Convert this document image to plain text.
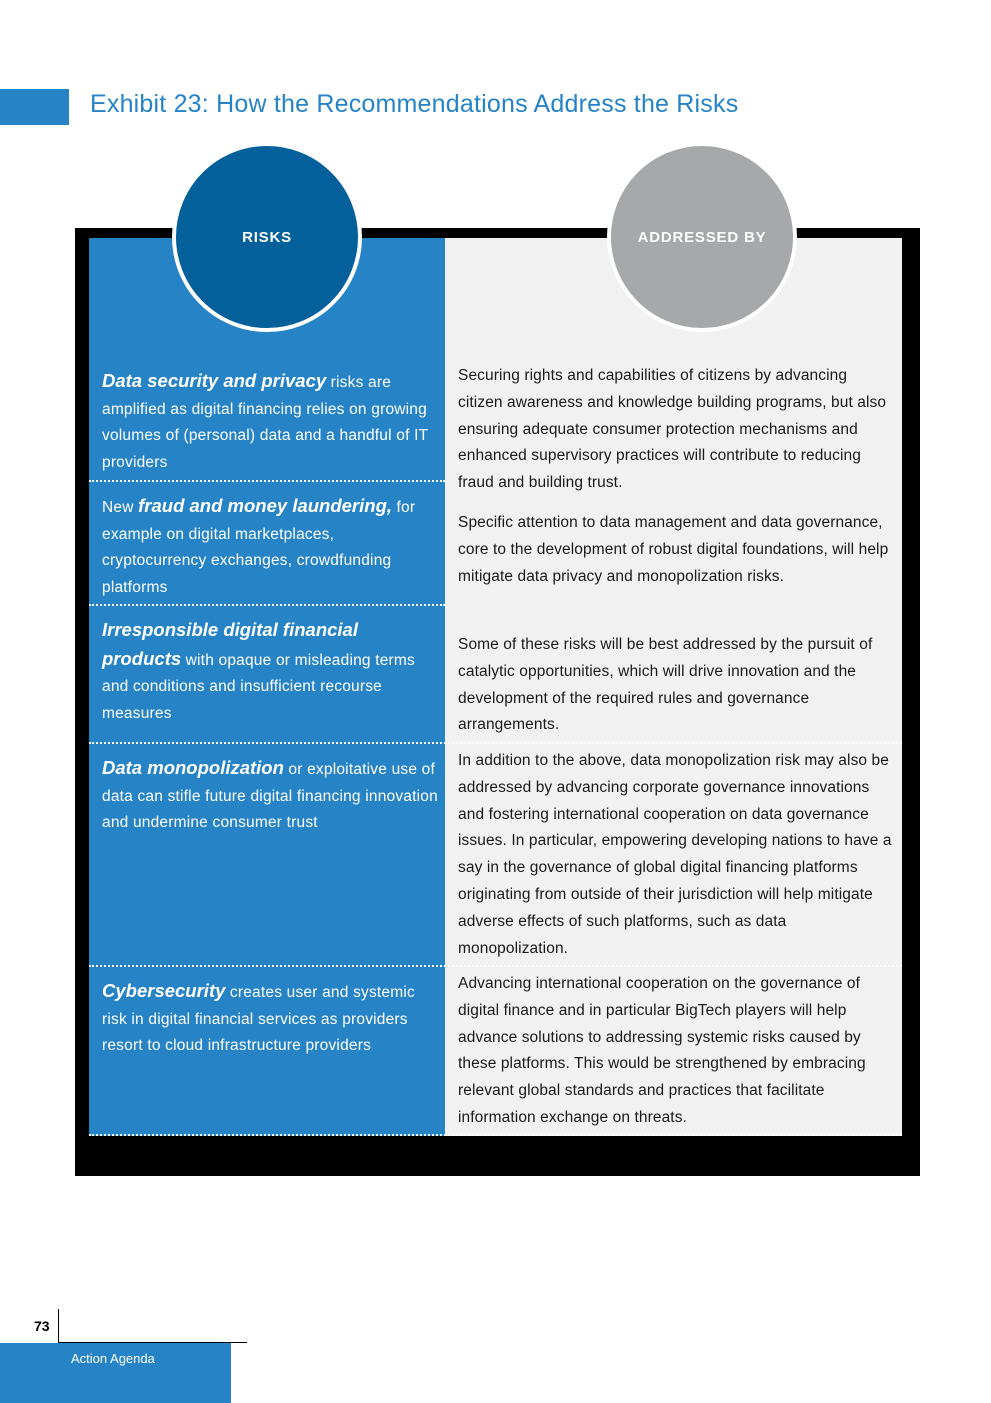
Exhibit 23: How the Recommendations Address the Risks
RISKS	ADDRESSED BY
Data security and privacy risks are amplified as digital financing relies on growing volumes of (personal) data and a handful of IT providers
New fraud and money laundering, for example on digital marketplaces, cryptocurrency exchanges, crowdfunding platforms
Irresponsible digital financial products with opaque or misleading terms and conditions and insufficient recourse measures
Data monopolization or exploitative use of data can stifle future digital financing innovation and undermine consumer trust
Cybersecurity creates user and systemic risk in digital financial services as providers resort to cloud infrastructure providers

Securing rights and capabilities of citizens by advancing citizen awareness and knowledge building programs, but also ensuring adequate consumer protection mechanisms and enhanced supervisory practices will contribute to reducing fraud and building trust.

Specific attention to data management and data governance, core to the development of robust digital foundations, will help mitigate data privacy and monopolization risks.

Some of these risks will be best addressed by the pursuit of catalytic opportunities, which will drive innovation and the development of the required rules and governance arrangements.

In addition to the above, data monopolization risk may also be addressed by advancing corporate governance innovations and fostering international cooperation on data governance issues. In particular, empowering developing nations to have a say in the governance of global digital financing platforms originating from outside of their jurisdiction will help mitigate adverse effects of such platforms, such as data monopolization.

Advancing international cooperation on the governance of digital finance and in particular BigTech players will help advance solutions to addressing systemic risks caused by these platforms. This would be strengthened by embracing relevant global standards and practices that facilitate information exchange on threats.

73
Action Agenda
